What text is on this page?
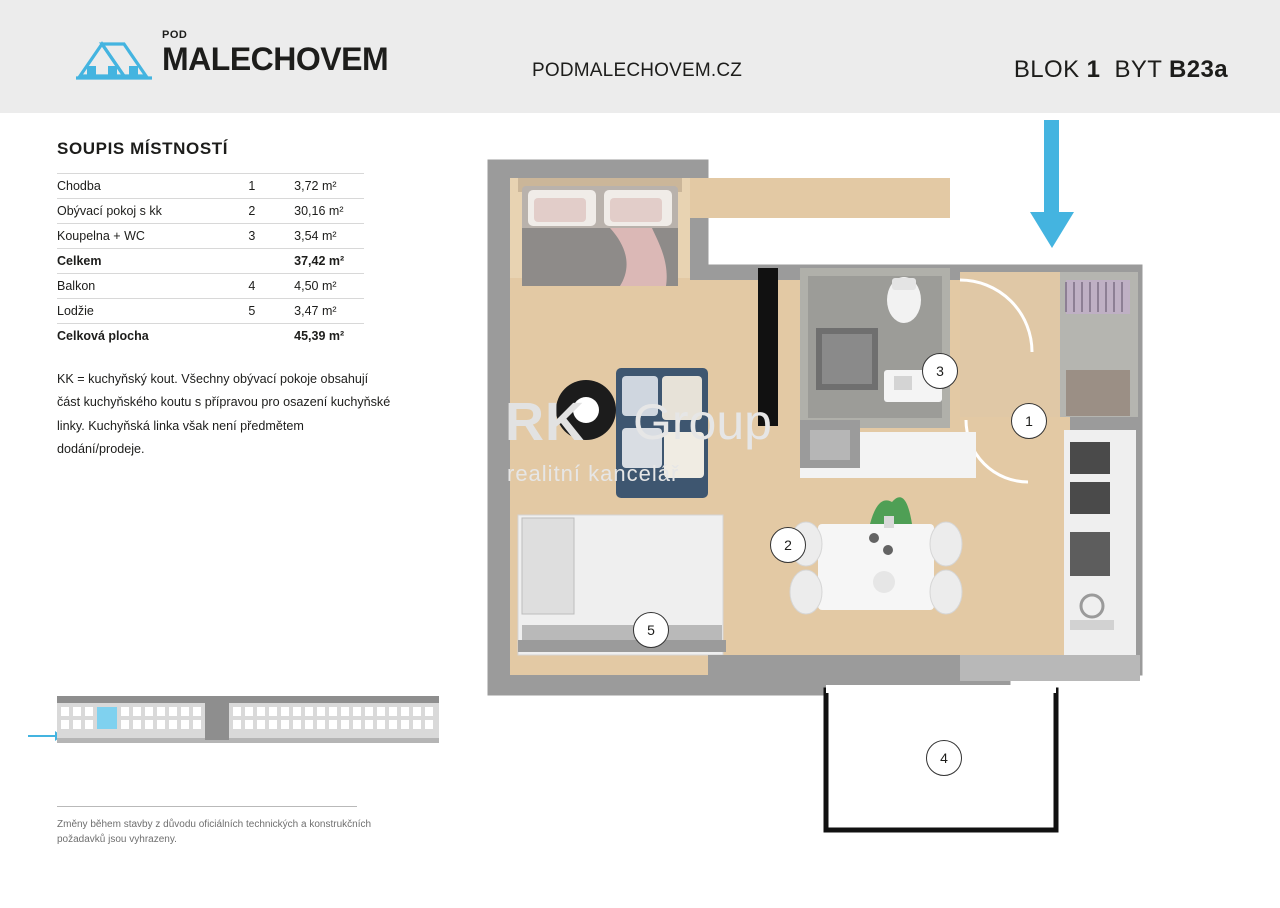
POD
MALECHOVEM	PODMALECHOVEM.CZ	BLOK 1 BYT B23a
SOUPIS MÍSTNOSTÍ
Chodba	1	3,72 m²
Obývací pokoj s kk	2	30,16 m²
Koupelna + WC	3	3,54 m²
Celkem		37,42 m²
Balkon	4	4,50 m²
Lodžie	5	3,47 m²
Celková plocha		45,39 m²
KK = kuchyňský kout. Všechny obývací pokoje obsahují část kuchyňského koutu s přípravou pro osazení kuchyňské linky. Kuchyňská linka však není předmětem dodání/prodeje.
Změny během stavby z důvodu oficiálních technických a konstrukčních požadavků jsou vyhrazeny.
RK Group
realitní kancelář
1
2
3
4
5
